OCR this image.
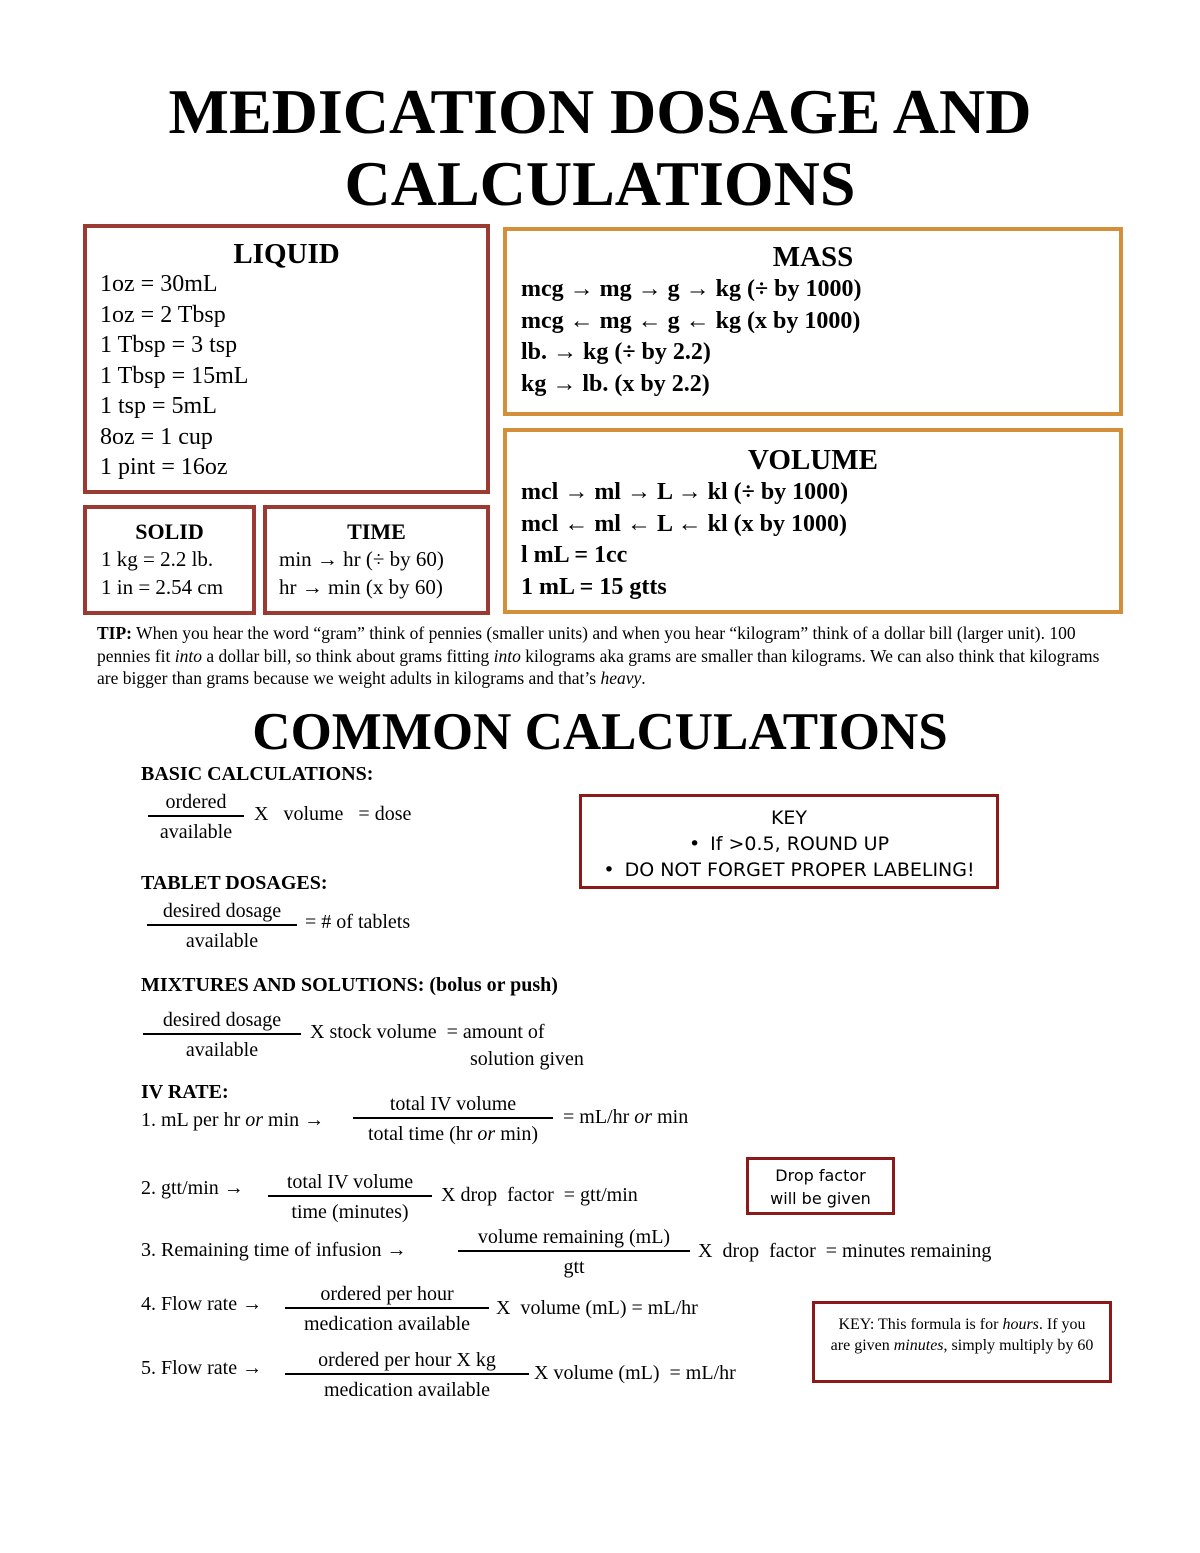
MEDICATION DOSAGE AND
CALCULATIONS
LIQUID
1oz = 30mL
1oz = 2 Tbsp
1 Tbsp = 3 tsp
1 Tbsp = 15mL
1 tsp = 5mL
8oz = 1 cup
1 pint = 16oz
MASS
mcg → mg → g → kg (÷ by 1000)
mcg ← mg ← g ← kg (x by 1000)
lb. → kg (÷ by 2.2)
kg → lb. (x by 2.2)
VOLUME
mcl → ml → L → kl (÷ by 1000)
mcl ← ml ← L ← kl (x by 1000)
l mL = 1cc
1 mL = 15 gtts
SOLID
1 kg = 2.2 lb.
1 in = 2.54 cm
TIME
min → hr (÷ by 60)
hr → min (x by 60)
TIP: When you hear the word “gram” think of pennies (smaller units) and when you hear “kilogram” think of a dollar bill (larger unit). 100 pennies fit into a dollar bill, so think about grams fitting into kilograms aka grams are smaller than kilograms. We can also think that kilograms are bigger than grams because we weight adults in kilograms and that’s heavy.
COMMON CALCULATIONS
BASIC CALCULATIONS:
ordered
available
X   volume   = dose	KEY
• If >0.5, ROUND UP
• DO NOT FORGET PROPER LABELING!
TABLET DOSAGES:
desired dosage
available
= # of tablets
MIXTURES AND SOLUTIONS: (bolus or push)
desired dosage
available
X stock volume  = amount of
solution given
IV RATE:
1. mL per hr or min →
total IV volume
total time (hr or min)
= mL/hr or min
2. gtt/min →	total IV volume
time (minutes)
X drop  factor  = gtt/min
Drop factor
will be given
3. Remaining time of infusion →
volume remaining (mL)
gtt
X  drop  factor  = minutes remaining
4. Flow rate →	ordered per hour
medication available
X  volume (mL) = mL/hr
KEY: This formula is for hours. If you are given minutes, simply multiply by 60
5. Flow rate →	ordered per hour X kg
medication available
X volume (mL)  = mL/hr
